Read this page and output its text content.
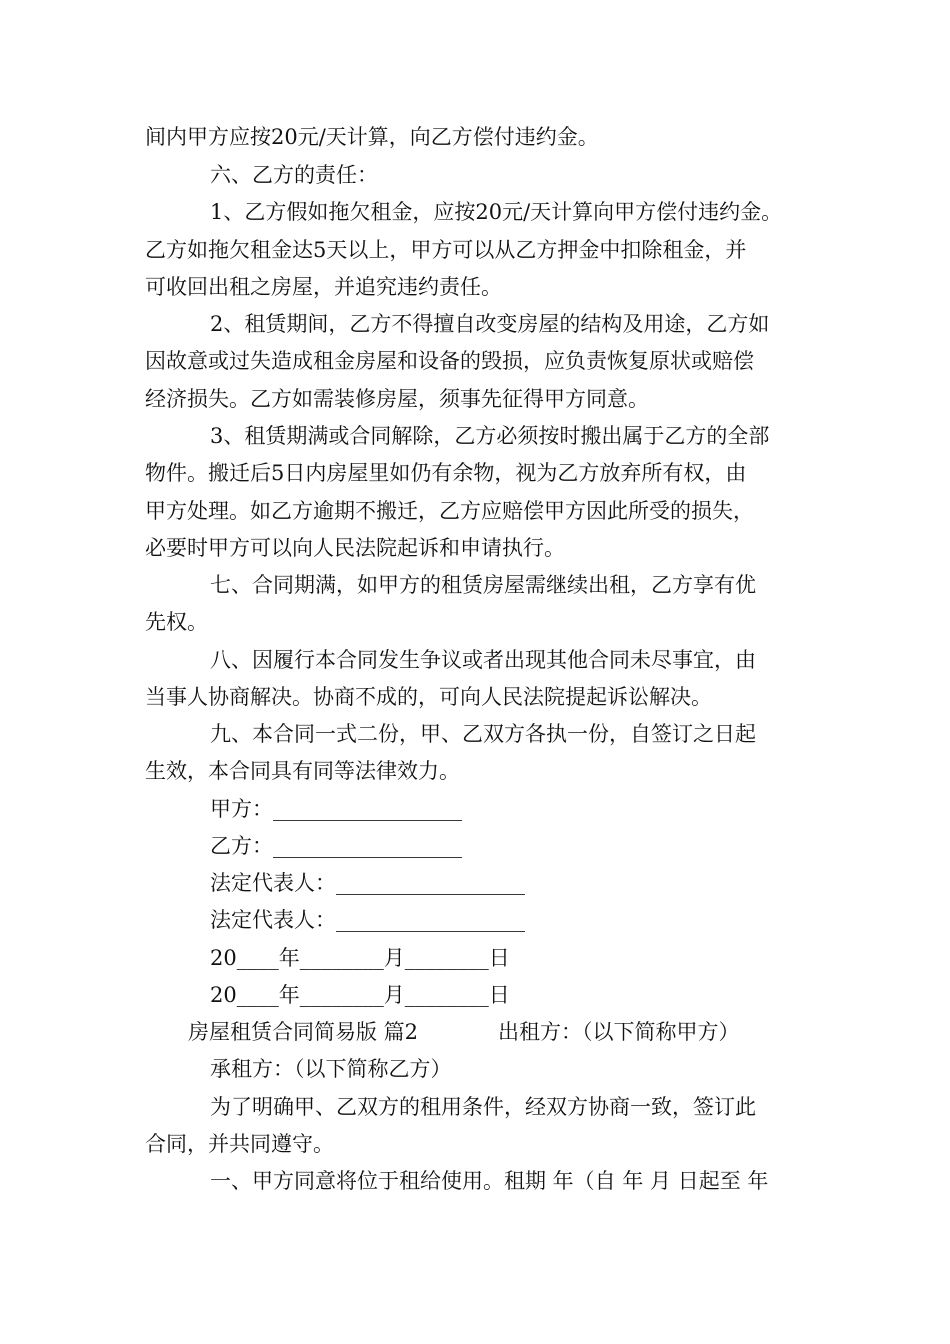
间内甲方应按20元/天计算，向乙方偿付违约金。
六、乙方的责任：
1、乙方假如拖欠租金，应按20元/天计算向甲方偿付违约金。
乙方如拖欠租金达5天以上，甲方可以从乙方押金中扣除租金，并
可收回出租之房屋，并追究违约责任。
2、租赁期间，乙方不得擅自改变房屋的结构及用途，乙方如
因故意或过失造成租金房屋和设备的毁损，应负责恢复原状或赔偿
经济损失。乙方如需装修房屋，须事先征得甲方同意。
3、租赁期满或合同解除，乙方必须按时搬出属于乙方的全部
物件。搬迁后5日内房屋里如仍有余物，视为乙方放弃所有权，由
甲方处理。如乙方逾期不搬迁，乙方应赔偿甲方因此所受的损失，
必要时甲方可以向人民法院起诉和申请执行。
七、合同期满，如甲方的租赁房屋需继续出租，乙方享有优
先权。
八、因履行本合同发生争议或者出现其他合同未尽事宜，由
当事人协商解决。协商不成的，可向人民法院提起诉讼解决。
九、本合同一式二份，甲、乙双方各执一份，自签订之日起
生效，本合同具有同等法律效力。
甲方：__________________
乙方：__________________
法定代表人：__________________
法定代表人：__________________
20____年________月________日
20____年________月________日
房屋租赁合同简易版 篇2	出租方：（以下简称甲方）
承租方：（以下简称乙方）
为了明确甲、乙双方的租用条件，经双方协商一致，签订此
合同，并共同遵守。
一、甲方同意将位于租给使用。租期 年（自 年 月 日起至 年
